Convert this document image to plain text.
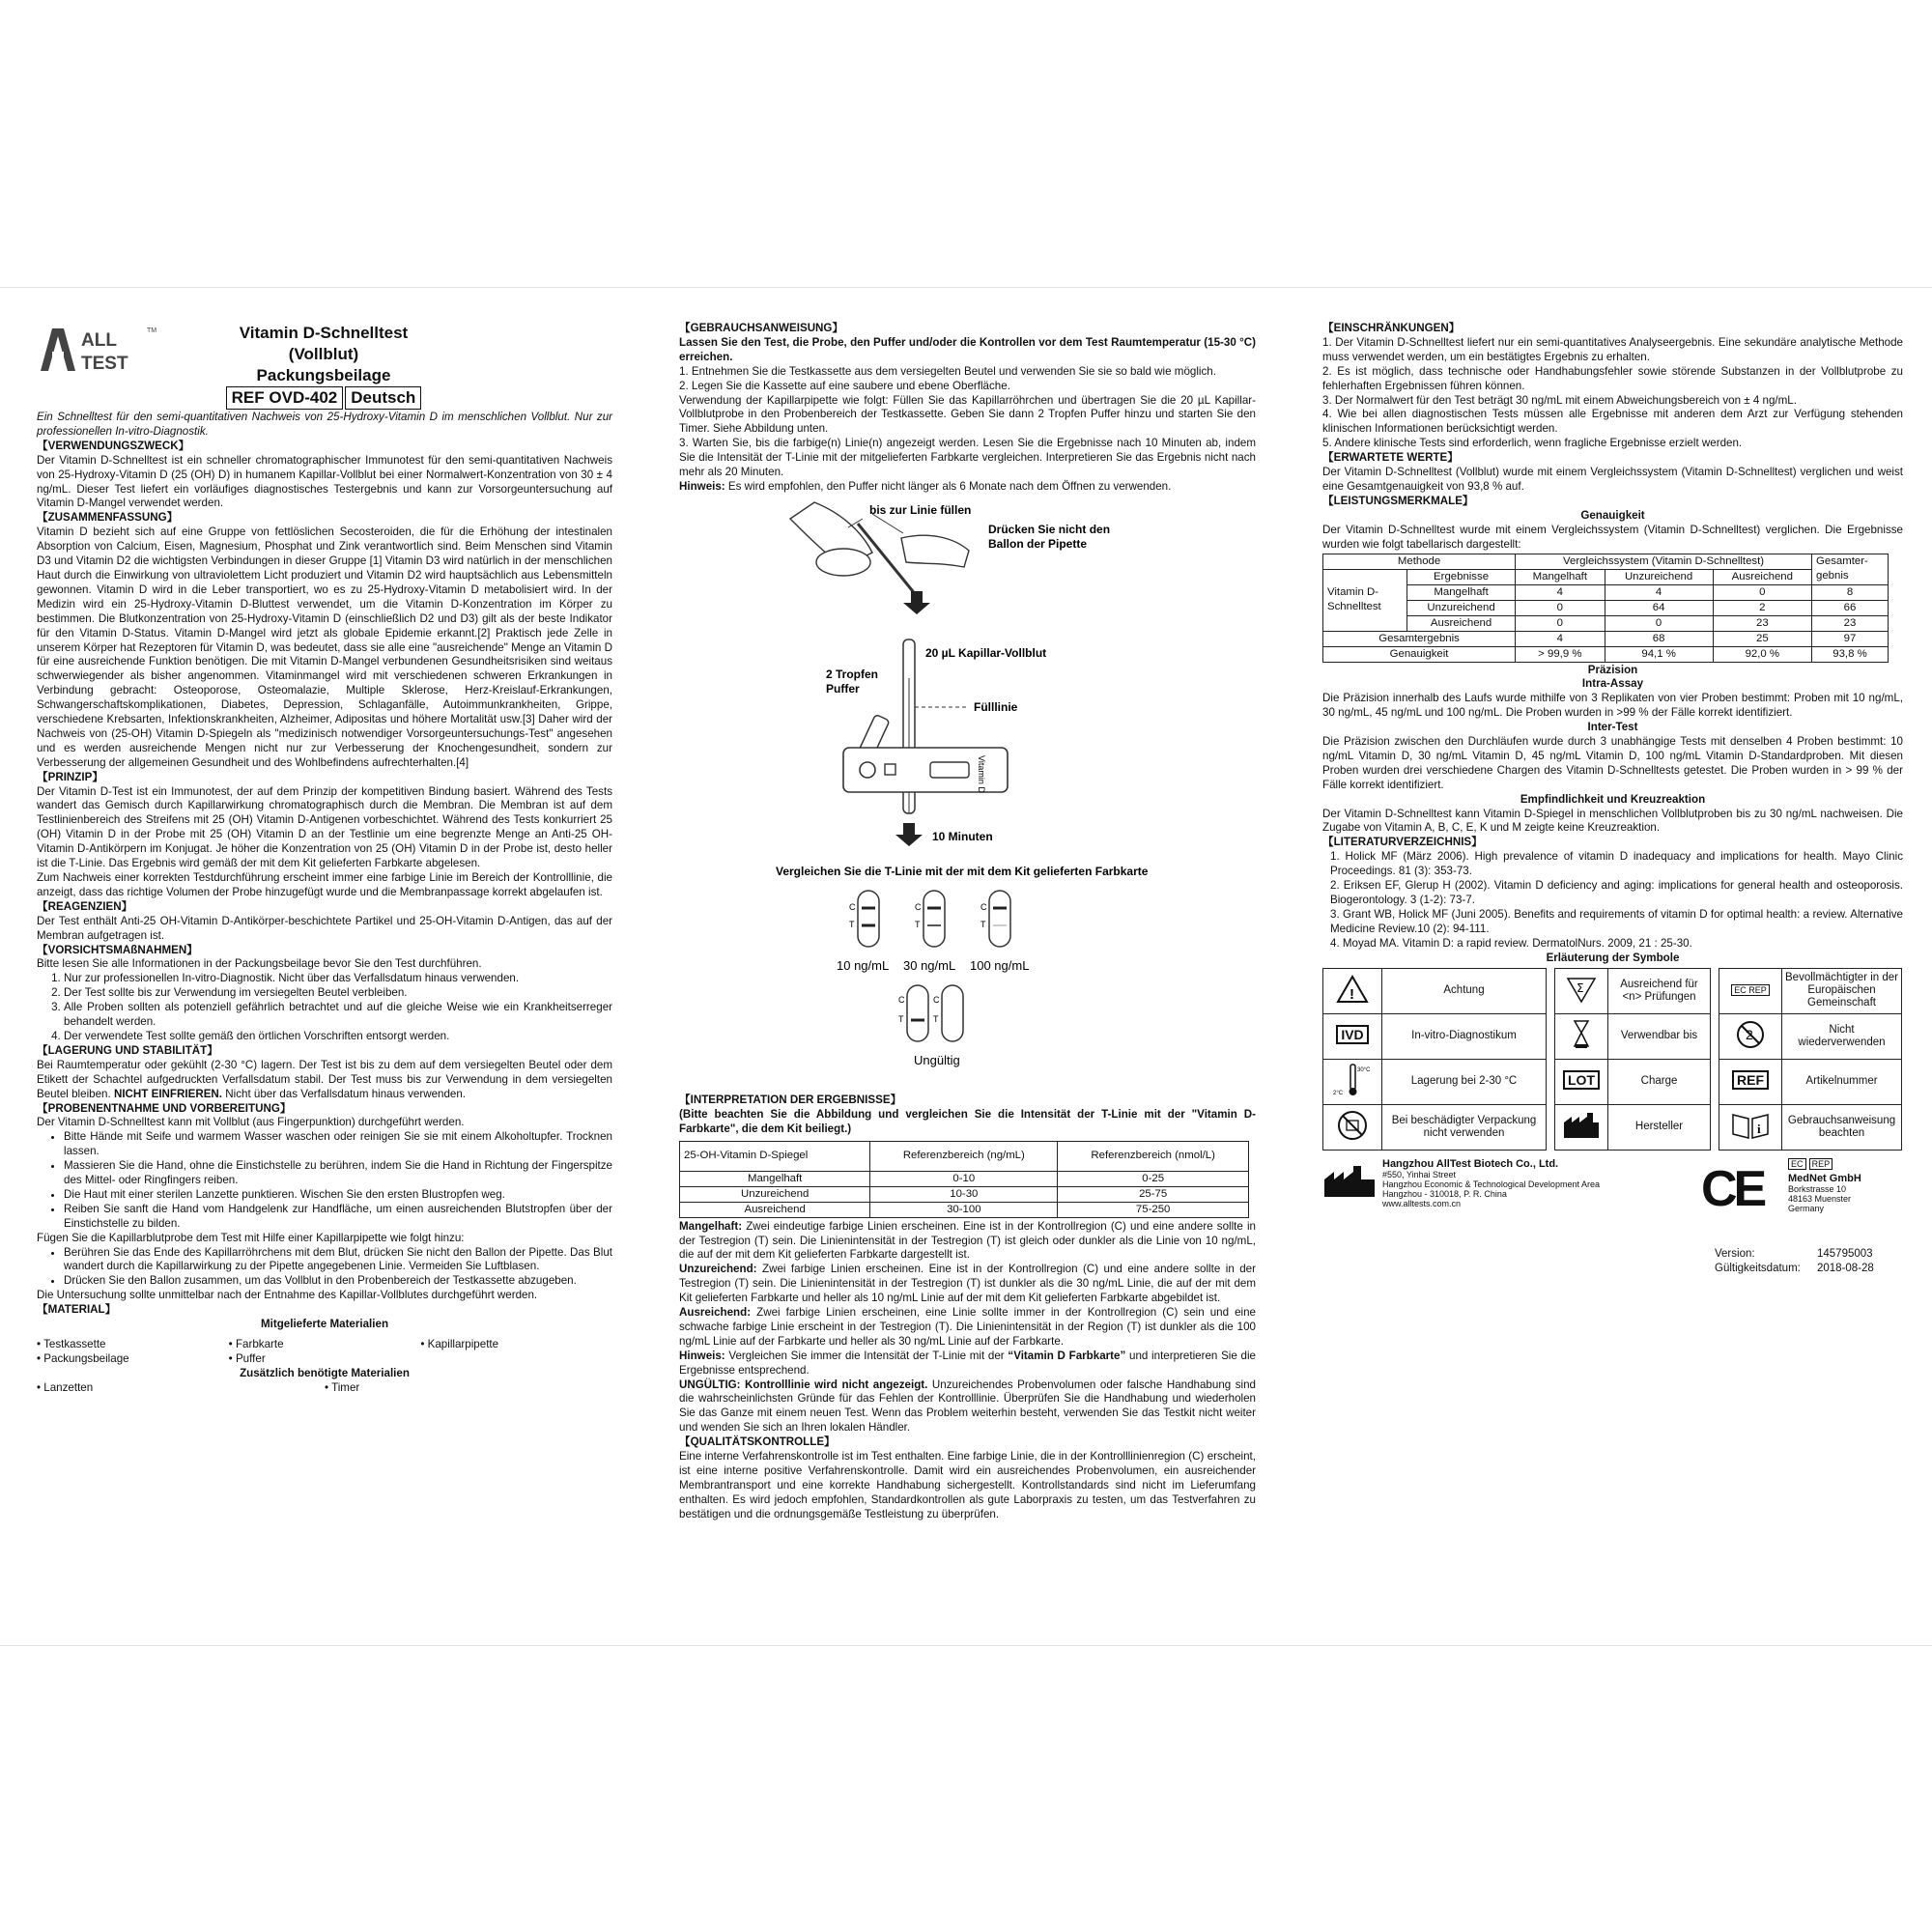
ALL
TEST
TM	Vitamin D-Schnelltest
(Vollblut)
Packungsbeilage
REF OVD-402 Deutsch

Ein Schnelltest für den semi-quantitativen Nachweis von 25-Hydroxy-Vitamin D im menschlichen Vollblut. Nur zur professionellen In-vitro-Diagnostik.

【VERWENDUNGSZWECK】

Der Vitamin D-Schnelltest ist ein schneller chromatographischer Immunotest für den semi-quantitativen Nachweis von 25-Hydroxy-Vitamin D (25 (OH) D) in humanem Kapillar-Vollblut bei einer Normalwert-Konzentration von 30 ± 4 ng/mL. Dieser Test liefert ein vorläufiges diagnostisches Testergebnis und kann zur Vorsorgeuntersuchung auf Vitamin D-Mangel verwendet werden.

【ZUSAMMENFASSUNG】

Vitamin D bezieht sich auf eine Gruppe von fettlöslichen Secosteroiden, die für die Erhöhung der intestinalen Absorption von Calcium, Eisen, Magnesium, Phosphat und Zink verantwortlich sind. Beim Menschen sind Vitamin D3 und Vitamin D2 die wichtigsten Verbindungen in dieser Gruppe [1] Vitamin D3 wird natürlich in der menschlichen Haut durch die Einwirkung von ultraviolettem Licht produziert und Vitamin D2 wird hauptsächlich aus Lebensmitteln gewonnen. Vitamin D wird in die Leber transportiert, wo es zu 25-Hydroxy-Vitamin D metabolisiert wird. In der Medizin wird ein 25-Hydroxy-Vitamin D-Bluttest verwendet, um die Vitamin D-Konzentration im Körper zu bestimmen. Die Blutkonzentration von 25-Hydroxy-Vitamin D (einschließlich D2 und D3) gilt als der beste Indikator für den Vitamin D-Status. Vitamin D-Mangel wird jetzt als globale Epidemie erkannt.[2] Praktisch jede Zelle in unserem Körper hat Rezeptoren für Vitamin D, was bedeutet, dass sie alle eine "ausreichende" Menge an Vitamin D für eine ausreichende Funktion benötigen. Die mit Vitamin D-Mangel verbundenen Gesundheitsrisiken sind weitaus schwerwiegender als bisher angenommen. Vitaminmangel wird mit verschiedenen schweren Erkrankungen in Verbindung gebracht: Osteoporose, Osteomalazie, Multiple Sklerose, Herz-Kreislauf-Erkrankungen, Schwangerschaftskomplikationen, Diabetes, Depression, Schlaganfälle, Autoimmunkrankheiten, Grippe, verschiedene Krebsarten, Infektionskrankheiten, Alzheimer, Adipositas und höhere Mortalität usw.[3] Daher wird der Nachweis von (25-OH) Vitamin D-Spiegeln als "medizinisch notwendiger Vorsorgeuntersuchungs-Test" angesehen und es werden ausreichende Mengen nicht nur zur Verbesserung der Knochengesundheit, sondern zur Verbesserung der allgemeinen Gesundheit und des Wohlbefindens aufrechterhalten.[4]

【PRINZIP】

Der Vitamin D-Test ist ein Immunotest, der auf dem Prinzip der kompetitiven Bindung basiert. Während des Tests wandert das Gemisch durch Kapillarwirkung chromatographisch durch die Membran. Die Membran ist auf dem Testlinienbereich des Streifens mit 25 (OH) Vitamin D-Antigenen vorbeschichtet. Während des Tests konkurriert 25 (OH) Vitamin D in der Probe mit 25 (OH) Vitamin D an der Testlinie um eine begrenzte Menge an Anti-25 OH-Vitamin D-Antikörpern im Konjugat. Je höher die Konzentration von 25 (OH) Vitamin D in der Probe ist, desto heller ist die T-Linie. Das Ergebnis wird gemäß der mit dem Kit gelieferten Farbkarte abgelesen.

Zum Nachweis einer korrekten Testdurchführung erscheint immer eine farbige Linie im Bereich der Kontrolllinie, die anzeigt, dass das richtige Volumen der Probe hinzugefügt wurde und die Membranpassage korrekt abgelaufen ist.

【REAGENZIEN】

Der Test enthält Anti-25 OH-Vitamin D-Antikörper-beschichtete Partikel und 25-OH-Vitamin D-Antigen, das auf der Membran aufgetragen ist.

【VORSICHTSMAßNAHMEN】

Bitte lesen Sie alle Informationen in der Packungsbeilage bevor Sie den Test durchführen.

1. Nur zur professionellen In-vitro-Diagnostik. Nicht über das Verfallsdatum hinaus verwenden.
2. Der Test sollte bis zur Verwendung im versiegelten Beutel verbleiben.
3. Alle Proben sollten als potenziell gefährlich betrachtet und auf die gleiche Weise wie ein Krankheitserreger behandelt werden.
4. Der verwendete Test sollte gemäß den örtlichen Vorschriften entsorgt werden.

【LAGERUNG UND STABILITÄT】

Bei Raumtemperatur oder gekühlt (2-30 °C) lagern. Der Test ist bis zu dem auf dem versiegelten Beutel oder dem Etikett der Schachtel aufgedruckten Verfallsdatum stabil. Der Test muss bis zur Verwendung in dem versiegelten Beutel bleiben. NICHT EINFRIEREN. Nicht über das Verfallsdatum hinaus verwenden.

【PROBENENTNAHME UND VORBEREITUNG】

Der Vitamin D-Schnelltest kann mit Vollblut (aus Fingerpunktion) durchgeführt werden.

• Bitte Hände mit Seife und warmem Wasser waschen oder reinigen Sie sie mit einem Alkoholtupfer. Trocknen lassen.
• Massieren Sie die Hand, ohne die Einstichstelle zu berühren, indem Sie die Hand in Richtung der Fingerspitze des Mittel- oder Ringfingers reiben.
• Die Haut mit einer sterilen Lanzette punktieren. Wischen Sie den ersten Blustropfen weg.
• Reiben Sie sanft die Hand vom Handgelenk zur Handfläche, um einen ausreichenden Blutstropfen über der Einstichstelle zu bilden.

Fügen Sie die Kapillarblutprobe dem Test mit Hilfe einer Kapillarpipette wie folgt hinzu:

• Berühren Sie das Ende des Kapillarröhrchens mit dem Blut, drücken Sie nicht den Ballon der Pipette. Das Blut wandert durch die Kapillarwirkung zu der Pipette angegebenen Linie. Vermeiden Sie Luftblasen.
• Drücken Sie den Ballon zusammen, um das Vollblut in den Probenbereich der Testkassette abzugeben.

Die Untersuchung sollte unmittelbar nach der Entnahme des Kapillar-Vollblutes durchgeführt werden.

【MATERIAL】

Mitgelieferte Materialien

• Testkassette	• Farbkarte	• Kapillarpipette
• Packungsbeilage	• Puffer

Zusätzlich benötigte Materialien

• Lanzetten	• Timer

【GEBRAUCHSANWEISUNG】

Lassen Sie den Test, die Probe, den Puffer und/oder die Kontrollen vor dem Test Raumtemperatur (15-30 °C) erreichen.

1. Entnehmen Sie die Testkassette aus dem versiegelten Beutel und verwenden Sie sie so bald wie möglich.

2. Legen Sie die Kassette auf eine saubere und ebene Oberfläche.

Verwendung der Kapillarpipette wie folgt: Füllen Sie das Kapillarröhrchen und übertragen Sie die 20 µL Kapillar-Vollblutprobe in den Probenbereich der Testkassette. Geben Sie dann 2 Tropfen Puffer hinzu und starten Sie den Timer. Siehe Abbildung unten.

3. Warten Sie, bis die farbige(n) Linie(n) angezeigt werden. Lesen Sie die Ergebnisse nach 10 Minuten ab, indem Sie die Intensität der T-Linie mit der mitgelieferten Farbkarte vergleichen. Interpretieren Sie das Ergebnis nicht nach mehr als 20 Minuten.

Hinweis: Es wird empfohlen, den Puffer nicht länger als 6 Monate nach dem Öffnen zu verwenden.

bis zur Linie füllen
Drücken Sie nicht den
Ballon der Pipette
20 µL Kapillar-Vollblut
Fülllinie
2 Tropfen
Puffer
Vitamin D
10 Minuten
Vergleichen Sie die T-Linie mit der mit dem Kit gelieferten Farbkarte
C
T
C
T
C
T
10 ng/mL 30 ng/mL 100 ng/mL
C
T
C
T
Ungültig

【INTERPRETATION DER ERGEBNISSE】

(Bitte beachten Sie die Abbildung und vergleichen Sie die Intensität der T-Linie mit der "Vitamin D-Farbkarte", die dem Kit beiliegt.)

25-OH-Vitamin D-Spiegel	Referenzbereich (ng/mL)	Referenzbereich (nmol/L)
Mangelhaft	0-10	0-25
Unzureichend	10-30	25-75
Ausreichend	30-100	75-250

Mangelhaft: Zwei eindeutige farbige Linien erscheinen. Eine ist in der Kontrollregion (C) und eine andere sollte in der Testregion (T) sein. Die Linienintensität in der Testregion (T) ist gleich oder dunkler als die Linie von 10 ng/mL, die auf der mit dem Kit gelieferten Farbkarte dargestellt ist.

Unzureichend: Zwei farbige Linien erscheinen. Eine ist in der Kontrollregion (C) und eine andere sollte in der Testregion (T) sein. Die Linienintensität in der Testregion (T) ist dunkler als die 30 ng/mL Linie, die auf der mit dem Kit gelieferten Farbkarte und heller als 10 ng/mL Linie auf der mit dem Kit gelieferten Farbkarte abgebildet ist.

Ausreichend: Zwei farbige Linien erscheinen, eine Linie sollte immer in der Kontrollregion (C) sein und eine schwache farbige Linie erscheint in der Testregion (T). Die Linienintensität in der Region (T) ist dunkler als die 100 ng/mL Linie auf der Farbkarte und heller als 30 ng/mL Linie auf der Farbkarte.

Hinweis: Vergleichen Sie immer die Intensität der T-Linie mit der “Vitamin D Farbkarte” und interpretieren Sie die Ergebnisse entsprechend.

UNGÜLTIG: Kontrolllinie wird nicht angezeigt. Unzureichendes Probenvolumen oder falsche Handhabung sind die wahrscheinlichsten Gründe für das Fehlen der Kontrolllinie. Überprüfen Sie die Handhabung und wiederholen Sie das Ganze mit einem neuen Test. Wenn das Problem weiterhin besteht, verwenden Sie das Testkit nicht weiter und wenden Sie sich an Ihren lokalen Händler.

【QUALITÄTSKONTROLLE】

Eine interne Verfahrenskontrolle ist im Test enthalten. Eine farbige Linie, die in der Kontrolllinienregion (C) erscheint, ist eine interne positive Verfahrenskontrolle. Damit wird ein ausreichendes Probenvolumen, ein ausreichender Membrantransport und eine korrekte Handhabung sichergestellt. Kontrollstandards sind nicht im Lieferumfang enthalten. Es wird jedoch empfohlen, Standardkontrollen als gute Laborpraxis zu testen, um das Testverfahren zu bestätigen und die ordnungsgemäße Testleistung zu überprüfen.

【EINSCHRÄNKUNGEN】

1. Der Vitamin D-Schnelltest liefert nur ein semi-quantitatives Analyseergebnis. Eine sekundäre analytische Methode muss verwendet werden, um ein bestätigtes Ergebnis zu erhalten.

2. Es ist möglich, dass technische oder Handhabungsfehler sowie störende Substanzen in der Vollblutprobe zu fehlerhaften Ergebnissen führen können.

3. Der Normalwert für den Test beträgt 30 ng/mL mit einem Abweichungsbereich von ± 4 ng/mL.

4. Wie bei allen diagnostischen Tests müssen alle Ergebnisse mit anderen dem Arzt zur Verfügung stehenden klinischen Informationen berücksichtigt werden.

5. Andere klinische Tests sind erforderlich, wenn fragliche Ergebnisse erzielt werden.

【ERWARTETE WERTE】

Der Vitamin D-Schnelltest (Vollblut) wurde mit einem Vergleichssystem (Vitamin D-Schnelltest) verglichen und weist eine Gesamtgenauigkeit von 93,8 % auf.

【LEISTUNGSMERKMALE】

Genauigkeit

Der Vitamin D-Schnelltest wurde mit einem Vergleichssystem (Vitamin D-Schnelltest) verglichen. Die Ergebnisse wurden wie folgt tabellarisch dargestellt:

Methode		Vergleichssystem (Vitamin D-Schnelltest)			Gesamter-gebnis
Vitamin D-Schnelltest	Ergebnisse	Mangelhaft	Unzureichend	Ausreichend	
	Mangelhaft	4	4	0	8
	Unzureichend	0	64	2	66
	Ausreichend	0	0	23	23
Gesamtergebnis		4	68	25	97
Genauigkeit		> 99,9 %	94,1 %	92,0 %	93,8 %

Präzision

Intra-Assay

Die Präzision innerhalb des Laufs wurde mithilfe von 3 Replikaten von vier Proben bestimmt: Proben mit 10 ng/mL, 30 ng/mL, 45 ng/mL und 100 ng/mL. Die Proben wurden in >99 % der Fälle korrekt identifiziert.

Inter-Test

Die Präzision zwischen den Durchläufen wurde durch 3 unabhängige Tests mit denselben 4 Proben bestimmt: 10 ng/mL Vitamin D, 30 ng/mL Vitamin D, 45 ng/mL Vitamin D, 100 ng/mL Vitamin D-Standardproben. Mit diesen Proben wurden drei verschiedene Chargen des Vitamin D-Schnelltests getestet. Die Proben wurden in > 99 % der Fälle korrekt identifiziert.

Empfindlichkeit und Kreuzreaktion

Der Vitamin D-Schnelltest kann Vitamin D-Spiegel in menschlichen Vollblutproben bis zu 30 ng/mL nachweisen. Die Zugabe von Vitamin A, B, C, E, K und M zeigte keine Kreuzreaktion.

【LITERATURVERZEICHNIS】

1. Holick MF (März 2006). High prevalence of vitamin D inadequacy and implications for health. Mayo Clinic Proceedings. 81 (3): 353-73.

2. Eriksen EF, Glerup H (2002). Vitamin D deficiency and aging: implications for general health and osteoporosis. Biogerontology. 3 (1-2): 73-7.

3. Grant WB, Holick MF (Juni 2005). Benefits and requirements of vitamin D for optimal health: a review. Alternative Medicine Review.10 (2): 94-111.

4. Moyad MA. Vitamin D: a rapid review. DermatolNurs. 2009, 21 : 25-30.

Erläuterung der Symbole

!	Achtung
IVD	In-vitro-Diagnostikum

30°C
2°C	Lagerung bei 2-30 °C
	Bei beschädigter Verpackung nicht verwenden
Σ	Ausreichend für <n> Prüfungen
	Verwendbar bis
LOT	Charge
	Hersteller
EC REP	Bevollmächtigter in der Europäischen Gemeinschaft

2	Nicht wiederverwenden
REF	Artikelnummer

i	Gebrauchsanweisung beachten
Hangzhou AllTest Biotech Co., Ltd.
#550, Yinhai Street
Hangzhou Economic & Technological Development Area
Hangzhou - 310018, P. R. China
www.alltests.com.cn	CE	EC REP
MedNet GmbH
Borkstrasse 10
48163 Muenster
Germany
Version:	145795003
Gültigkeitsdatum: 2018-08-28
